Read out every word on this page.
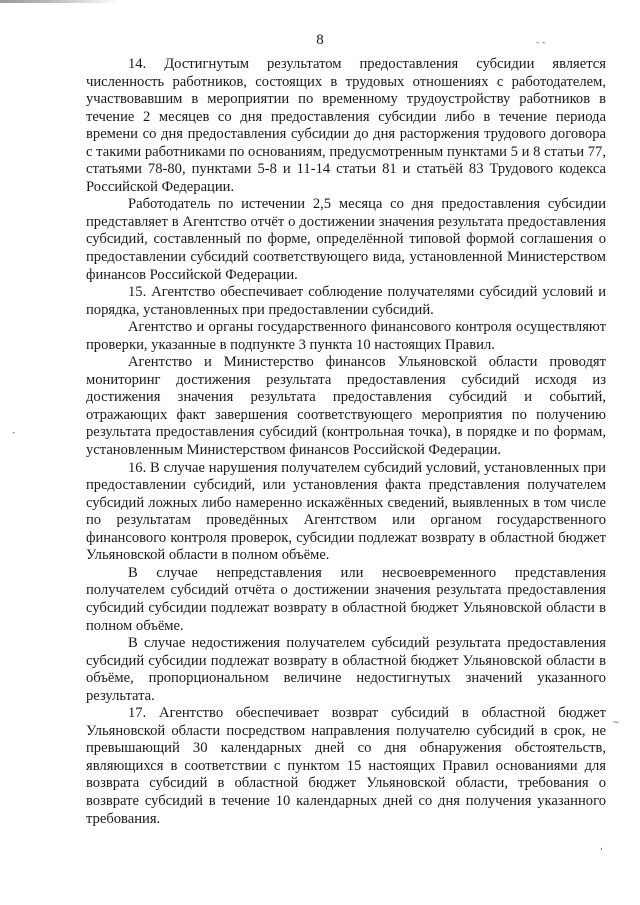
- -
-
~
,
8

14. Достигнутым результатом предоставления субсидии является численность работников, состоящих в трудовых отношениях с работодателем, участвовавшим в мероприятии по временному трудоустройству работников в течение 2 месяцев со дня предоставления субсидии либо в течение периода времени со дня предоставления субсидии до дня расторжения трудового договора с такими работниками по основаниям, предусмотренным пунктами 5 и 8 статьи 77, статьями 78-80, пунктами 5-8 и 11-14 статьи 81 и статьёй 83 Трудового кодекса Российской Федерации.

Работодатель по истечении 2,5 месяца со дня предоставления субсидии представляет в Агентство отчёт о достижении значения результата предоставления субсидий, составленный по форме, определённой типовой формой соглашения о предоставлении субсидий соответствующего вида, установленной Министерством финансов Российской Федерации.

15. Агентство обеспечивает соблюдение получателями субсидий условий и порядка, установленных при предоставлении субсидий.

Агентство и органы государственного финансового контроля осуществляют проверки, указанные в подпункте 3 пункта 10 настоящих Правил.

Агентство и Министерство финансов Ульяновской области проводят мониторинг достижения результата предоставления субсидий исходя из достижения значения результата предоставления субсидий и событий, отражающих факт завершения соответствующего мероприятия по получению результата предоставления субсидий (контрольная точка), в порядке и по формам, установленным Министерством финансов Российской Федерации.

16. В случае нарушения получателем субсидий условий, установленных при предоставлении субсидий, или установления факта представления получателем субсидий ложных либо намеренно искажённых сведений, выявленных в том числе по результатам проведённых Агентством или органом государственного финансового контроля проверок, субсидии подлежат возврату в областной бюджет Ульяновской области в полном объёме.

В случае непредставления или несвоевременного представления получателем субсидий отчёта о достижении значения результата предоставления субсидий субсидии подлежат возврату в областной бюджет Ульяновской области в полном объёме.

В случае недостижения получателем субсидий результата предоставления субсидий субсидии подлежат возврату в областной бюджет Ульяновской области в объёме, пропорциональном величине недостигнутых значений указанного результата.

17. Агентство обеспечивает возврат субсидий в областной бюджет Ульяновской области посредством направления получателю субсидий в срок, не превышающий 30 календарных дней со дня обнаружения обстоятельств, являющихся в соответствии с пунктом 15 настоящих Правил основаниями для возврата субсидий в областной бюджет Ульяновской области, требования о возврате субсидий в течение 10 календарных дней со дня получения указанного требования.
